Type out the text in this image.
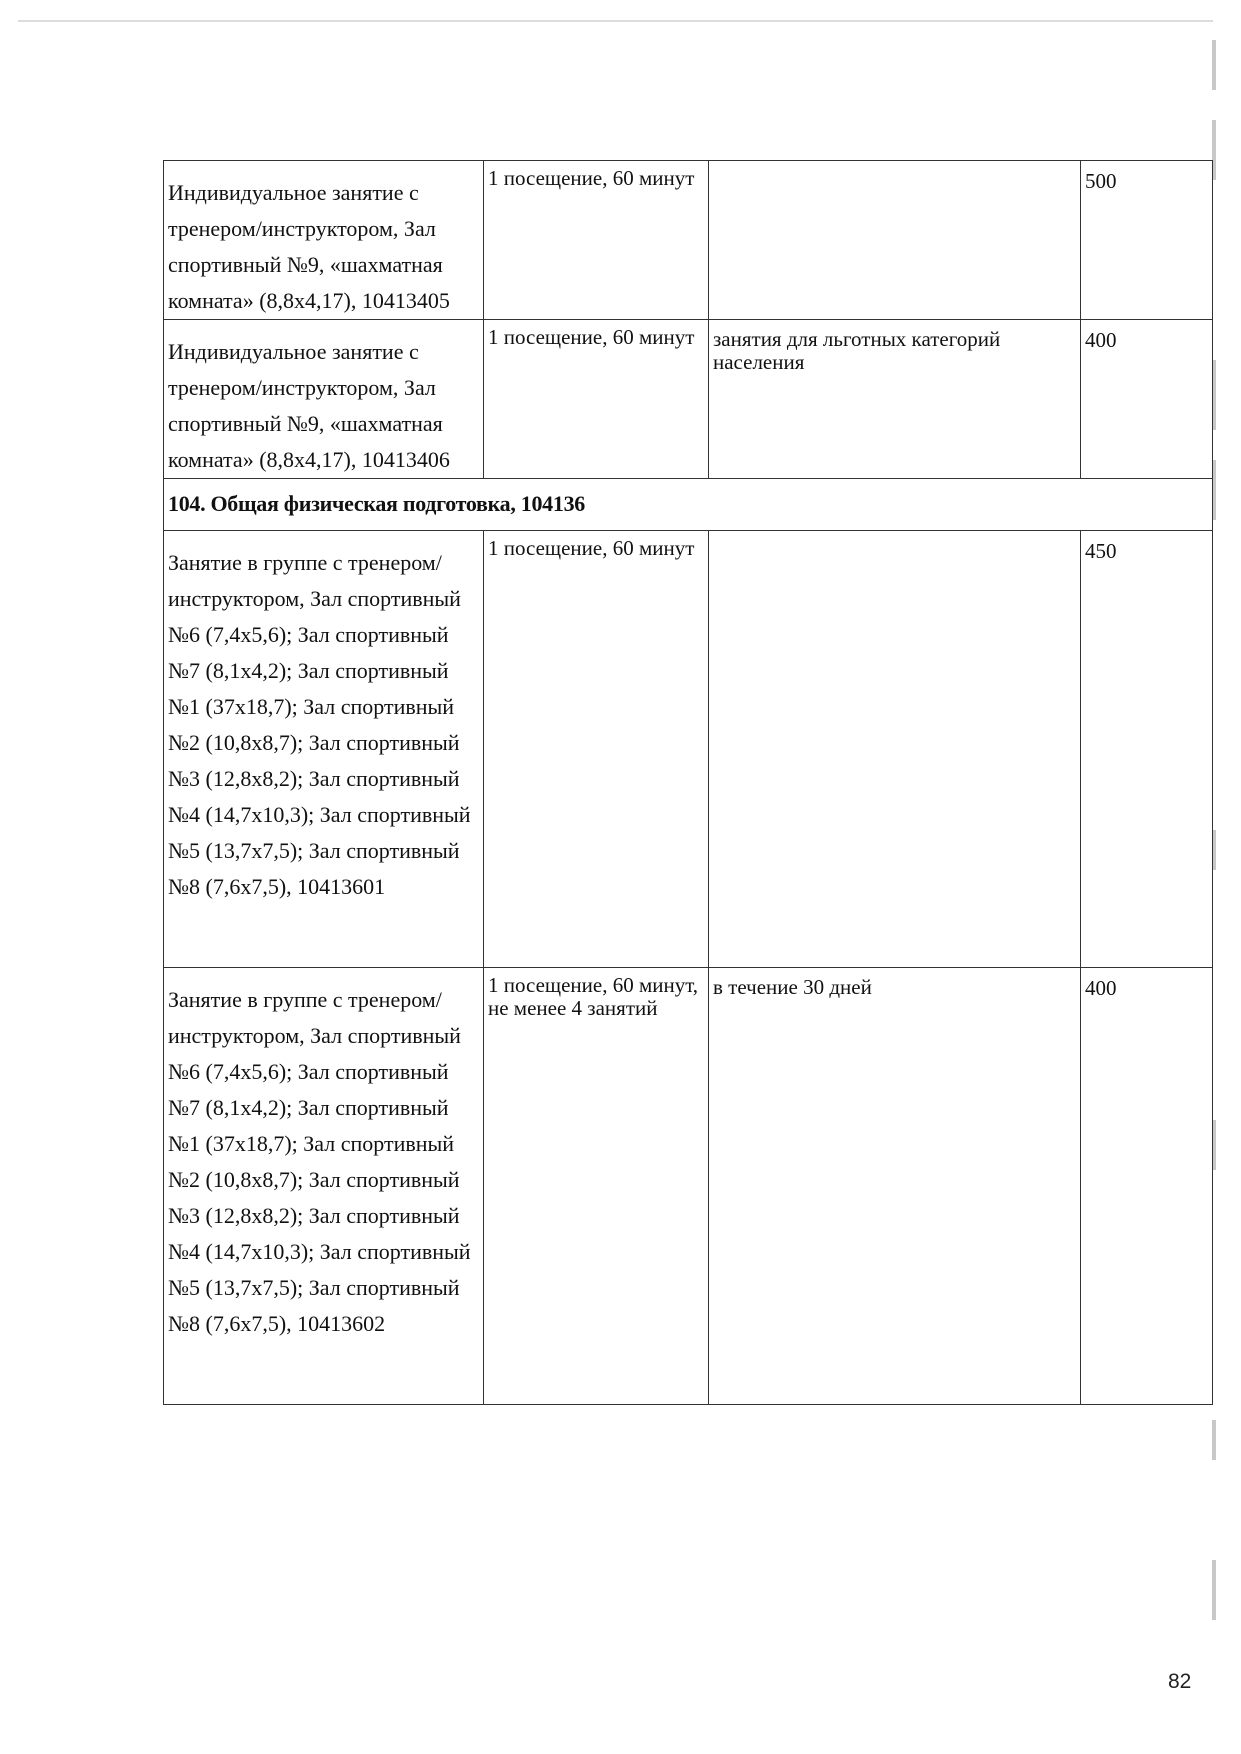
Индивидуальное занятие с тренером/инструктором, Зал спортивный №9, «шахматная комната» (8,8х4,17), 10413405	1 посещение, 60 минут		500
Индивидуальное занятие с тренером/инструктором, Зал спортивный №9, «шахматная комната» (8,8х4,17), 10413406	1 посещение, 60 минут	занятия для льготных категорий населения	400
104. Общая физическая подготовка, 104136			
Занятие в группе с тренером/инструктором, Зал спортивный №6 (7,4x5,6); Зал спортивный №7 (8,1x4,2); Зал спортивный №1 (37x18,7); Зал спортивный №2 (10,8x8,7); Зал спортивный №3 (12,8x8,2); Зал спортивный №4 (14,7x10,3); Зал спортивный №5 (13,7x7,5); Зал спортивный №8 (7,6x7,5), 10413601	1 посещение, 60 минут		450
Занятие в группе с тренером/инструктором, Зал спортивный №6 (7,4x5,6); Зал спортивный №7 (8,1x4,2); Зал спортивный №1 (37x18,7); Зал спортивный №2 (10,8x8,7); Зал спортивный №3 (12,8x8,2); Зал спортивный №4 (14,7x10,3); Зал спортивный №5 (13,7x7,5); Зал спортивный №8 (7,6x7,5), 10413602	1 посещение, 60 минут, не менее 4 занятий	в течение 30 дней	400
82
